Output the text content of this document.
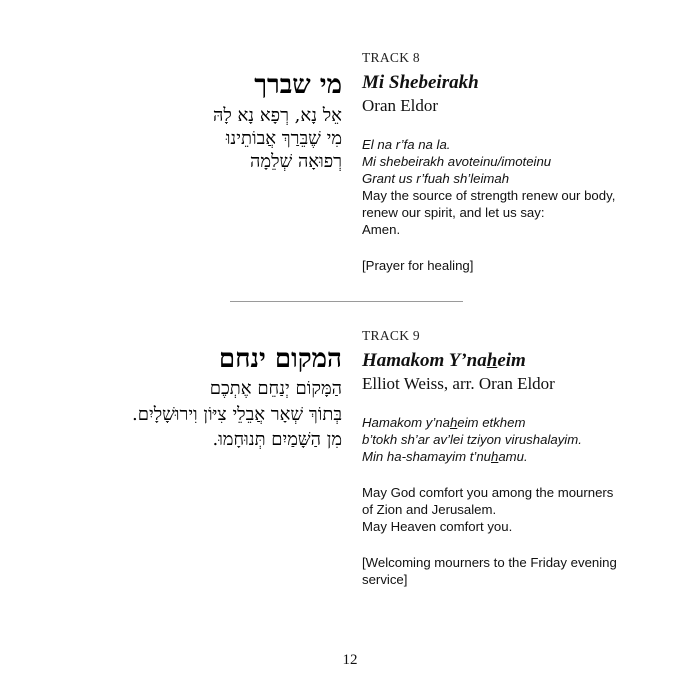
מי שברך
אֵל נָא, רְפָא נָא לָהּ
מִי שֶׁבֵּרַךְ אֲבוֹתֵינוּ
רְפוּאָה שְׁלֵמָה
TRACK 8
Mi Shebeirakh
Oran Eldor
El na r’fa na la.
Mi shebeirakh avoteinu/imoteinu
Grant us r’fuah sh’leimah
May the source of strength renew our body,
renew our spirit, and let us say:
Amen.
[Prayer for healing]
המקום ינחם
הַמָּקוֹם יְנַחֵם אֶתְכֶם
בְּתוֹךְ שְׁאָר אֲבֵלֵי צִיּוֹן וִירוּשָׁלָיִם.
מִן הַשָּׁמַיִם תְּנוּחָמוּ.
TRACK 9
Hamakom Y’naheim
Elliot Weiss, arr. Oran Eldor
Hamakom y’naheim etkhem
b’tokh sh’ar av’lei tziyon virushalayim.
Min ha-shamayim t’nuhamu.
May God comfort you among the mourners
of Zion and Jerusalem.
May Heaven comfort you.
[Welcoming mourners to the Friday evening
service]
12
